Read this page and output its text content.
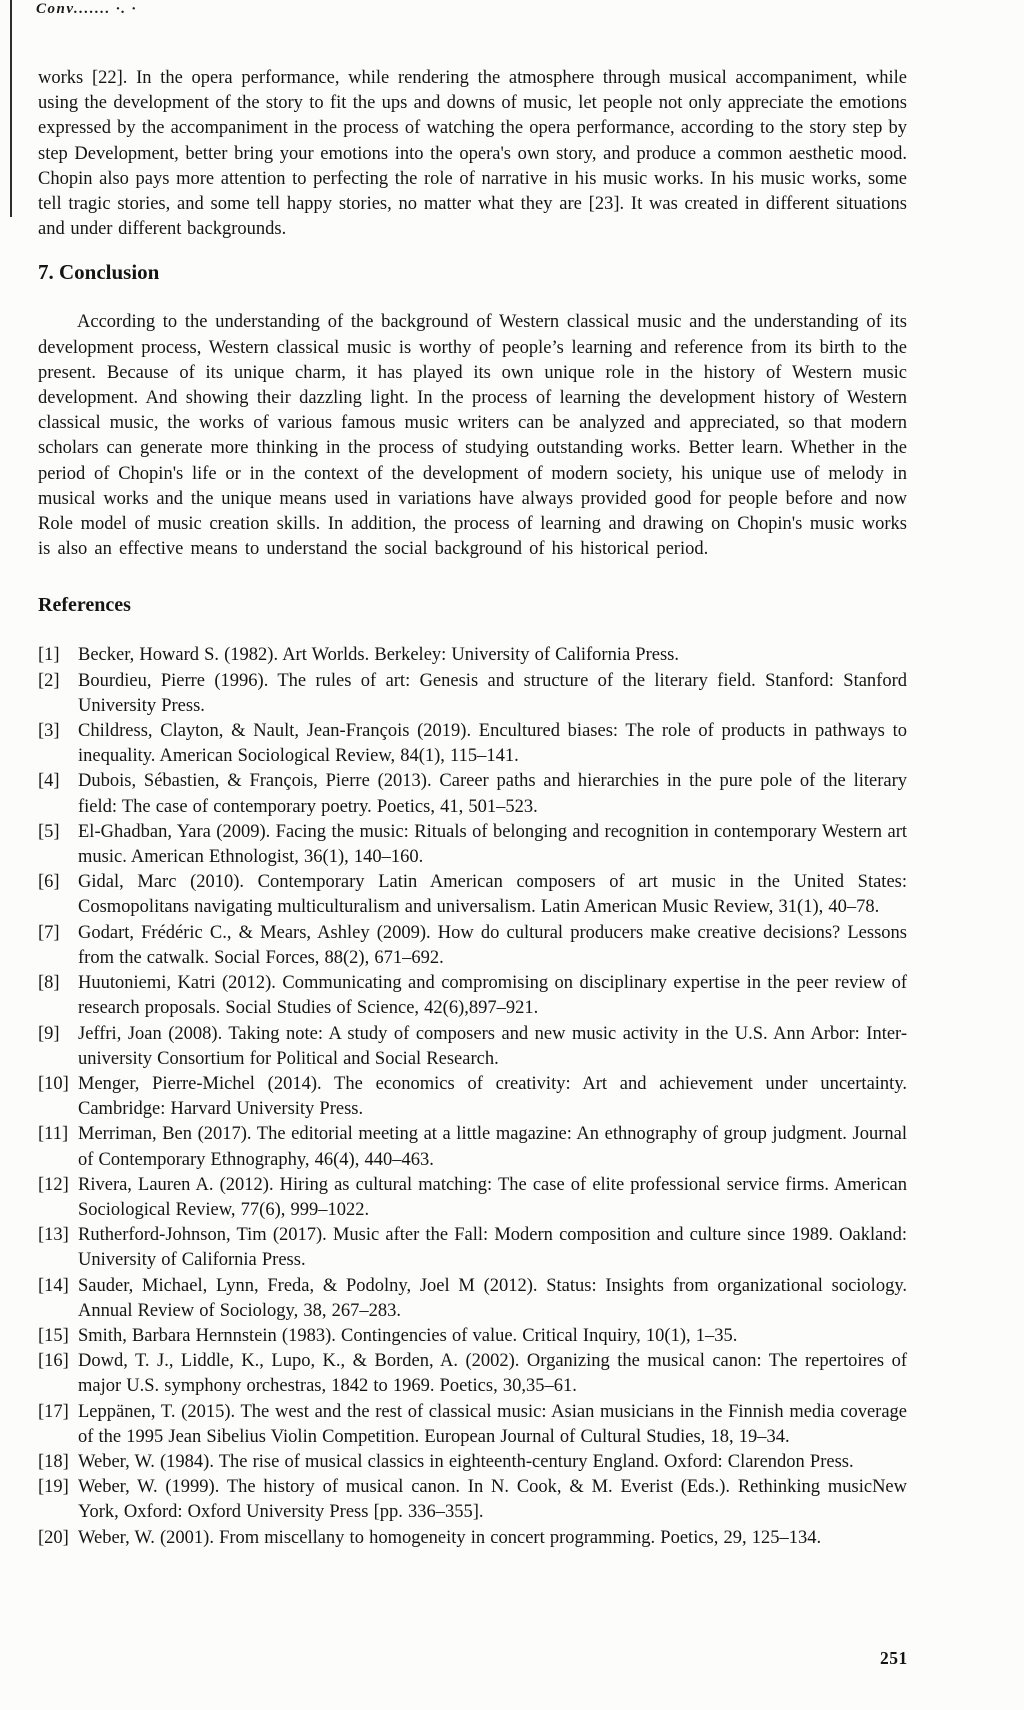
Conv....... ·. ·

works [22]. In the opera performance, while rendering the atmosphere through musical accompaniment, while using the development of the story to fit the ups and downs of music, let people not only appreciate the emotions expressed by the accompaniment in the process of watching the opera performance, according to the story step by step Development, better bring your emotions into the opera's own story, and produce a common aesthetic mood. Chopin also pays more attention to perfecting the role of narrative in his music works. In his music works, some tell tragic stories, and some tell happy stories, no matter what they are [23]. It was created in different situations and under different backgrounds.

7. Conclusion

According to the understanding of the background of Western classical music and the understanding of its development process, Western classical music is worthy of people’s learning and reference from its birth to the present. Because of its unique charm, it has played its own unique role in the history of Western music development. And showing their dazzling light. In the process of learning the development history of Western classical music, the works of various famous music writers can be analyzed and appreciated, so that modern scholars can generate more thinking in the process of studying outstanding works. Better learn. Whether in the period of Chopin's life or in the context of the development of modern society, his unique use of melody in musical works and the unique means used in variations have always provided good for people before and now Role model of music creation skills. In addition, the process of learning and drawing on Chopin's music works is also an effective means to understand the social background of his historical period.

References
[1] Becker, Howard S. (1982). Art Worlds. Berkeley: University of California Press.
[2] Bourdieu, Pierre (1996). The rules of art: Genesis and structure of the literary field. Stanford: Stanford University Press.
[3] Childress, Clayton, & Nault, Jean-François (2019). Encultured biases: The role of products in pathways to inequality. American Sociological Review, 84(1), 115–141.
[4] Dubois, Sébastien, & François, Pierre (2013). Career paths and hierarchies in the pure pole of the literary field: The case of contemporary poetry. Poetics, 41, 501–523.
[5] El-Ghadban, Yara (2009). Facing the music: Rituals of belonging and recognition in contemporary Western art music. American Ethnologist, 36(1), 140–160.
[6] Gidal, Marc (2010). Contemporary Latin American composers of art music in the United States: Cosmopolitans navigating multiculturalism and universalism. Latin American Music Review, 31(1), 40–78.
[7] Godart, Frédéric C., & Mears, Ashley (2009). How do cultural producers make creative decisions? Lessons from the catwalk. Social Forces, 88(2), 671–692.
[8] Huutoniemi, Katri (2012). Communicating and compromising on disciplinary expertise in the peer review of research proposals. Social Studies of Science, 42(6),897–921.
[9] Jeffri, Joan (2008). Taking note: A study of composers and new music activity in the U.S. Ann Arbor: Inter-university Consortium for Political and Social Research.
[10] Menger, Pierre-Michel (2014). The economics of creativity: Art and achievement under uncertainty. Cambridge: Harvard University Press.
[11] Merriman, Ben (2017). The editorial meeting at a little magazine: An ethnography of group judgment. Journal of Contemporary Ethnography, 46(4), 440–463.
[12] Rivera, Lauren A. (2012). Hiring as cultural matching: The case of elite professional service firms. American Sociological Review, 77(6), 999–1022.
[13] Rutherford-Johnson, Tim (2017). Music after the Fall: Modern composition and culture since 1989. Oakland: University of California Press.
[14] Sauder, Michael, Lynn, Freda, & Podolny, Joel M (2012). Status: Insights from organizational sociology. Annual Review of Sociology, 38, 267–283.
[15] Smith, Barbara Hernnstein (1983). Contingencies of value. Critical Inquiry, 10(1), 1–35.
[16] Dowd, T. J., Liddle, K., Lupo, K., & Borden, A. (2002). Organizing the musical canon: The repertoires of major U.S. symphony orchestras, 1842 to 1969. Poetics, 30,35–61.
[17] Leppänen, T. (2015). The west and the rest of classical music: Asian musicians in the Finnish media coverage of the 1995 Jean Sibelius Violin Competition. European Journal of Cultural Studies, 18, 19–34.
[18] Weber, W. (1984). The rise of musical classics in eighteenth-century England. Oxford: Clarendon Press.
[19] Weber, W. (1999). The history of musical canon. In N. Cook, & M. Everist (Eds.). Rethinking musicNew York, Oxford: Oxford University Press [pp. 336–355].
[20] Weber, W. (2001). From miscellany to homogeneity in concert programming. Poetics, 29, 125–134.
251
